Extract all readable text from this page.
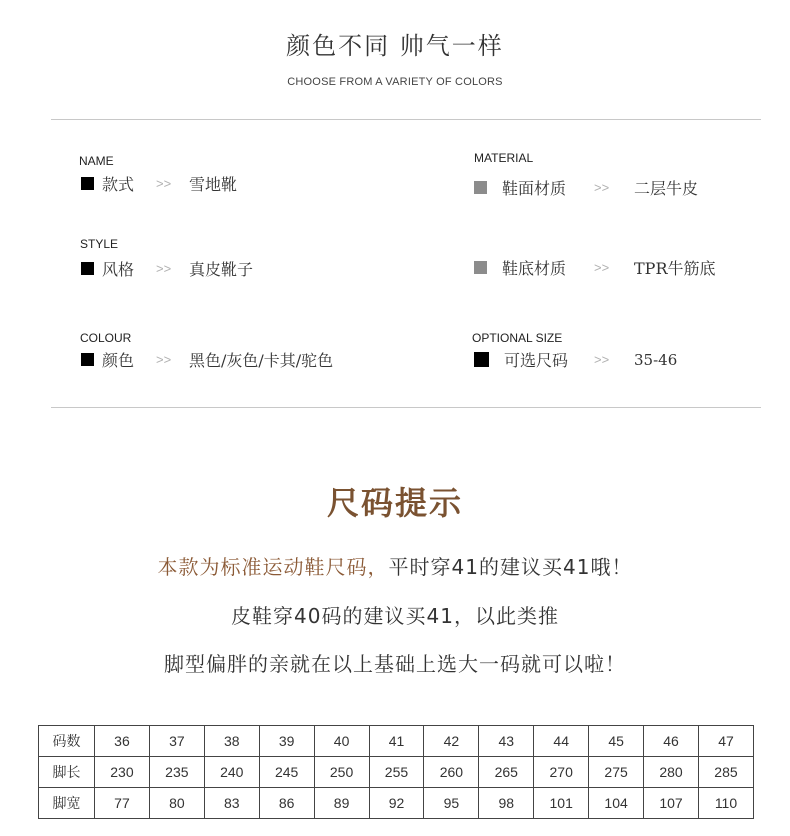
颜色不同 帅气一样
CHOOSE FROM A VARIETY OF COLORS
NAME
款式	>>	雪地靴
STYLE
风格	>>	真皮靴子
COLOUR
颜色	>>	黑色/灰色/卡其/驼色
MATERIAL
鞋面材质	>>	二层牛皮
鞋底材质	>>	TPR牛筋底
OPTIONAL SIZE
可选尺码	>>	35-46
尺码提示
本款为标准运动鞋尺码，平时穿41的建议买41哦！
皮鞋穿40码的建议买41，以此类推
脚型偏胖的亲就在以上基础上选大一码就可以啦！
码数	36	37	38	39	40	41	42	43	44	45	46	47
脚长	230	235	240	245	250	255	260	265	270	275	280	285
脚宽	77	80	83	86	89	92	95	98	101	104	107	110
